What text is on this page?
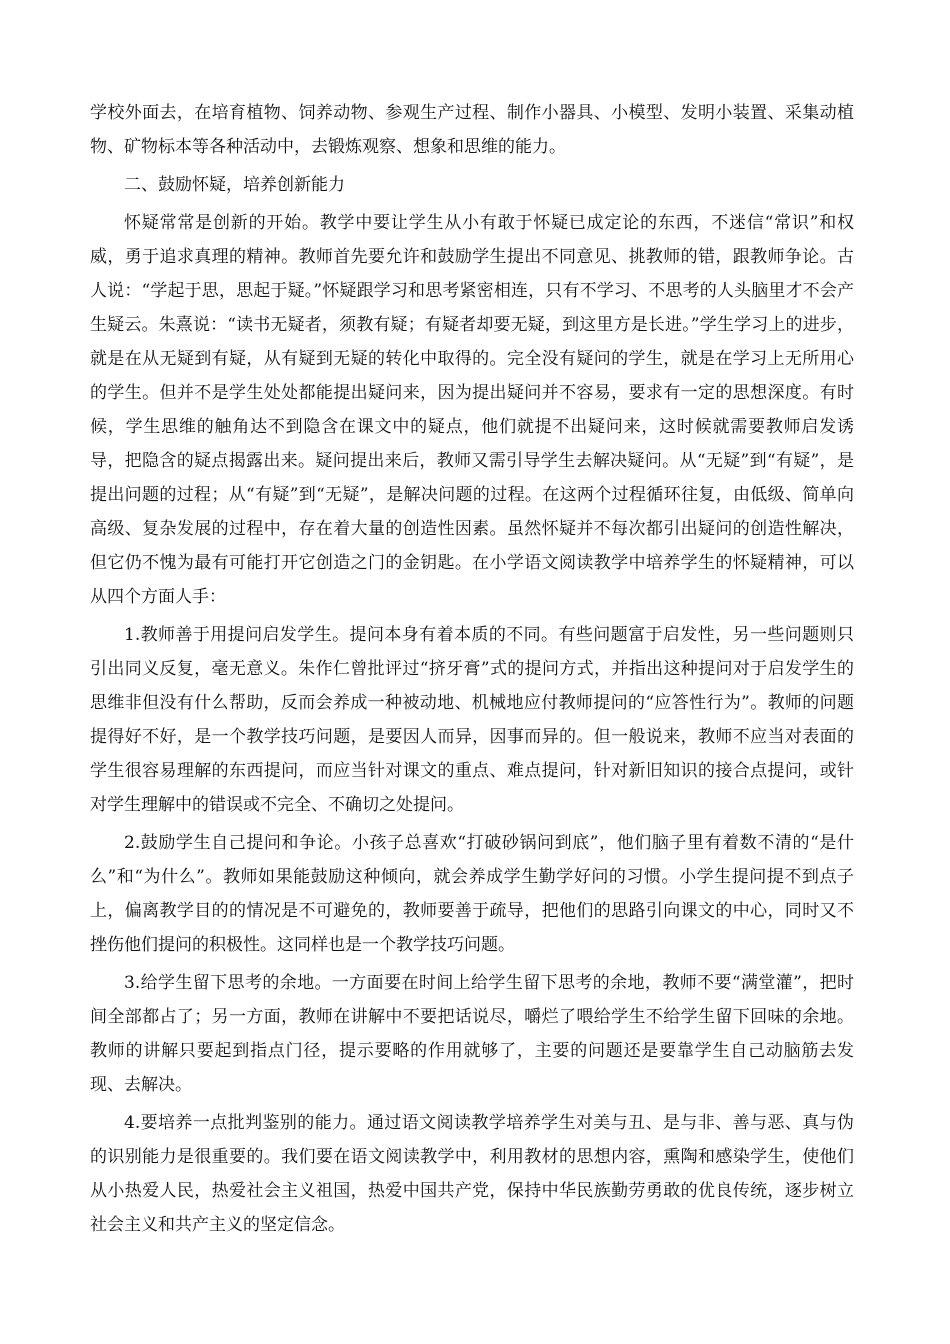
学校外面去，在培育植物、饲养动物、参观生产过程、制作小器具、小模型、发明小装置、采集动植物、矿物标本等各种活动中，去锻炼观察、想象和思维的能力。

二、鼓励怀疑，培养创新能力

怀疑常常是创新的开始。教学中要让学生从小有敢于怀疑已成定论的东西，不迷信“常识”和权威，勇于追求真理的精神。教师首先要允许和鼓励学生提出不同意见、挑教师的错，跟教师争论。古人说：“学起于思，思起于疑。”怀疑跟学习和思考紧密相连，只有不学习、不思考的人头脑里才不会产生疑云。朱熹说：“读书无疑者，须教有疑；有疑者却要无疑，到这里方是长进。”学生学习上的进步，就是在从无疑到有疑，从有疑到无疑的转化中取得的。完全没有疑问的学生，就是在学习上无所用心的学生。但并不是学生处处都能提出疑问来，因为提出疑问并不容易，要求有一定的思想深度。有时候，学生思维的触角达不到隐含在课文中的疑点，他们就提不出疑问来，这时候就需要教师启发诱导，把隐含的疑点揭露出来。疑问提出来后，教师又需引导学生去解决疑问。从“无疑”到“有疑”，是提出问题的过程；从“有疑”到“无疑”，是解决问题的过程。在这两个过程循环往复，由低级、简单向高级、复杂发展的过程中，存在着大量的创造性因素。虽然怀疑并不每次都引出疑问的创造性解决，但它仍不愧为最有可能打开它创造之门的金钥匙。在小学语文阅读教学中培养学生的怀疑精神，可以从四个方面人手：

1.教师善于用提问启发学生。提问本身有着本质的不同。有些问题富于启发性，另一些问题则只引出同义反复，毫无意义。朱作仁曾批评过“挤牙膏”式的提问方式，并指出这种提问对于启发学生的思维非但没有什么帮助，反而会养成一种被动地、机械地应付教师提问的“应答性行为”。教师的问题提得好不好，是一个教学技巧问题，是要因人而异，因事而异的。但一般说来，教师不应当对表面的学生很容易理解的东西提问，而应当针对课文的重点、难点提问，针对新旧知识的接合点提问，或针对学生理解中的错误或不完全、不确切之处提问。

2.鼓励学生自己提问和争论。小孩子总喜欢“打破砂锅问到底”，他们脑子里有着数不清的“是什么”和“为什么”。教师如果能鼓励这种倾向，就会养成学生勤学好问的习惯。小学生提问提不到点子上，偏离教学目的的情况是不可避免的，教师要善于疏导，把他们的思路引向课文的中心，同时又不挫伤他们提问的积极性。这同样也是一个教学技巧问题。

3.给学生留下思考的余地。一方面要在时间上给学生留下思考的余地，教师不要“满堂灌”，把时间全部都占了；另一方面，教师在讲解中不要把话说尽，嚼烂了喂给学生不给学生留下回味的余地。教师的讲解只要起到指点门径，提示要略的作用就够了，主要的问题还是要靠学生自己动脑筋去发现、去解决。

4.要培养一点批判鉴别的能力。通过语文阅读教学培养学生对美与丑、是与非、善与恶、真与伪的识别能力是很重要的。我们要在语文阅读教学中，利用教材的思想内容，熏陶和感染学生，使他们从小热爱人民，热爱社会主义祖国，热爱中国共产党，保持中华民族勤劳勇敢的优良传统，逐步树立社会主义和共产主义的坚定信念。
